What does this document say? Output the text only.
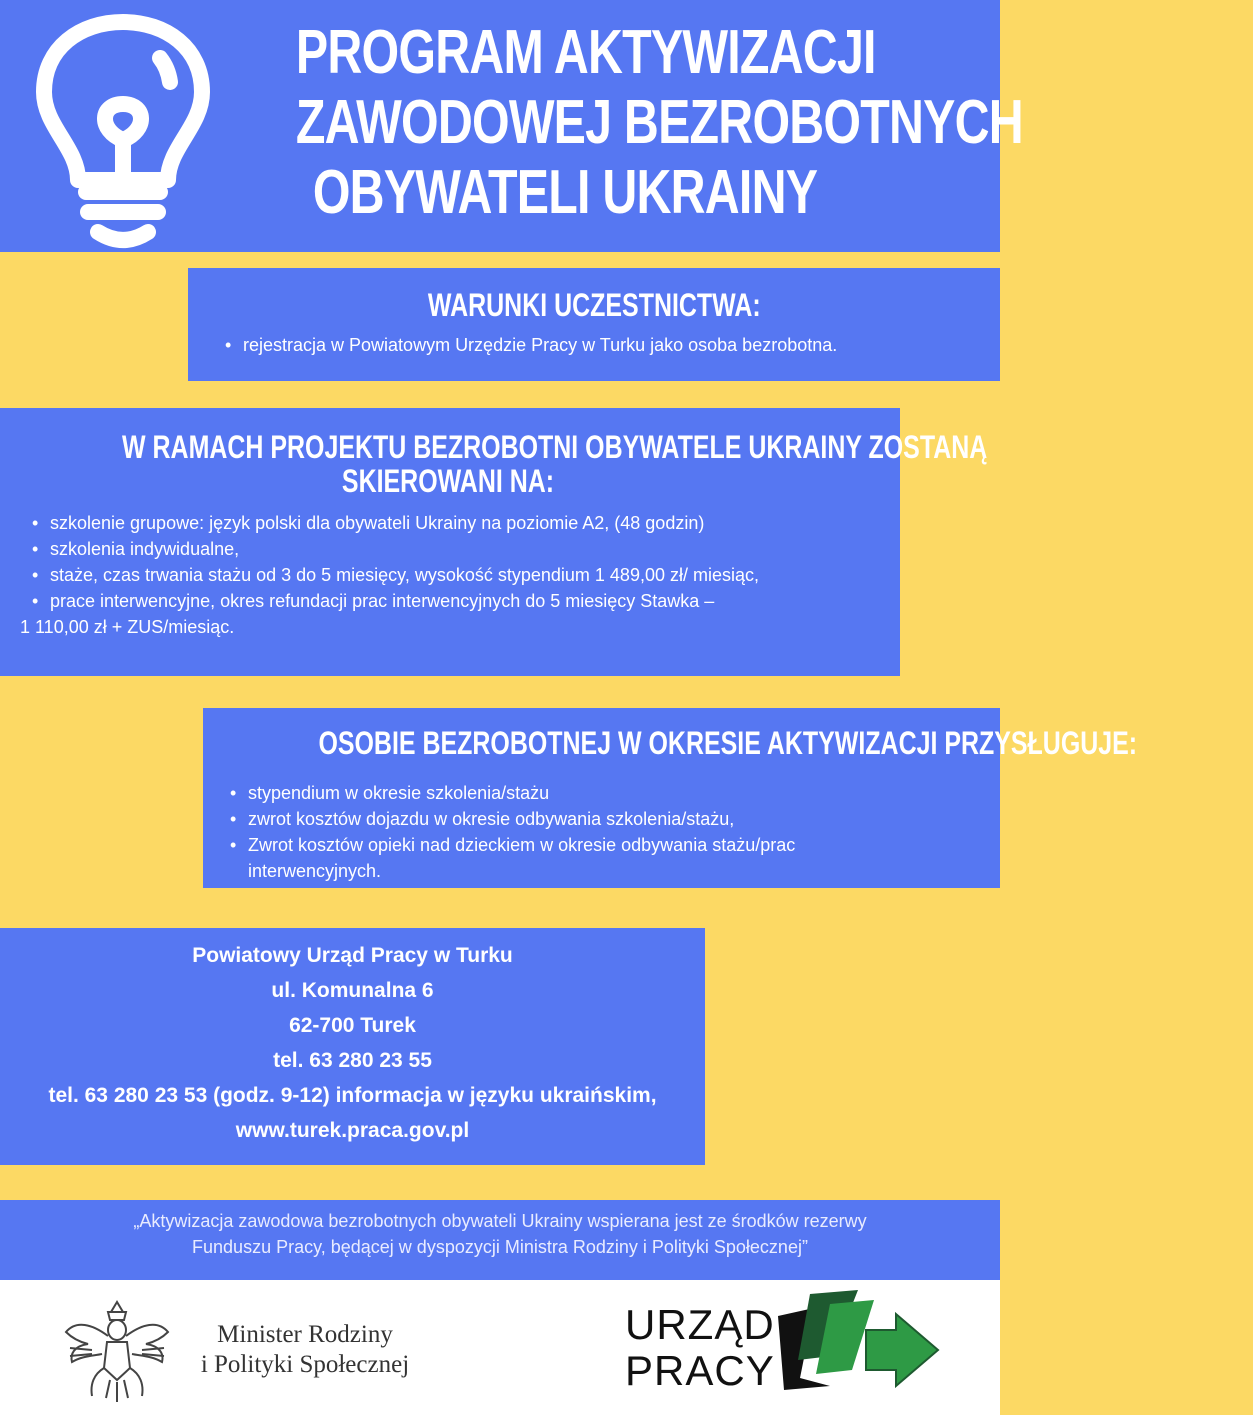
PROGRAM AKTYWIZACJI
ZAWODOWEJ BEZROBOTNYCH
OBYWATELI UKRAINY
WARUNKI UCZESTNICTWA:
• rejestracja w Powiatowym Urzędzie Pracy w Turku jako osoba bezrobotna.
W RAMACH PROJEKTU BEZROBOTNI OBYWATELE UKRAINY ZOSTANĄ
SKIEROWANI NA:
• szkolenie grupowe: język polski dla obywateli Ukrainy na poziomie A2, (48 godzin)
• szkolenia indywidualne,
• staże, czas trwania stażu od 3 do 5 miesięcy, wysokość stypendium 1 489,00 zł/ miesiąc,
• prace interwencyjne, okres refundacji prac interwencyjnych do 5 miesięcy Stawka –
1 110,00 zł + ZUS/miesiąc.
OSOBIE BEZROBOTNEJ W OKRESIE AKTYWIZACJI PRZYSŁUGUJE:
• stypendium w okresie szkolenia/stażu
• zwrot kosztów dojazdu w okresie odbywania szkolenia/stażu,
• Zwrot kosztów opieki nad dzieckiem w okresie odbywania stażu/prac
interwencyjnych.
Powiatowy Urząd Pracy w Turku
ul. Komunalna 6
62-700 Turek
tel. 63 280 23 55
tel. 63 280 23 53 (godz. 9-12) informacja w języku ukraińskim,
www.turek.praca.gov.pl
„Aktywizacja zawodowa bezrobotnych obywateli Ukrainy wspierana jest ze środków rezerwy
Funduszu Pracy, będącej w dyspozycji Ministra Rodziny i Polityki Społecznej”
Minister Rodziny
i Polityki Społecznej
URZĄD
PRACY
